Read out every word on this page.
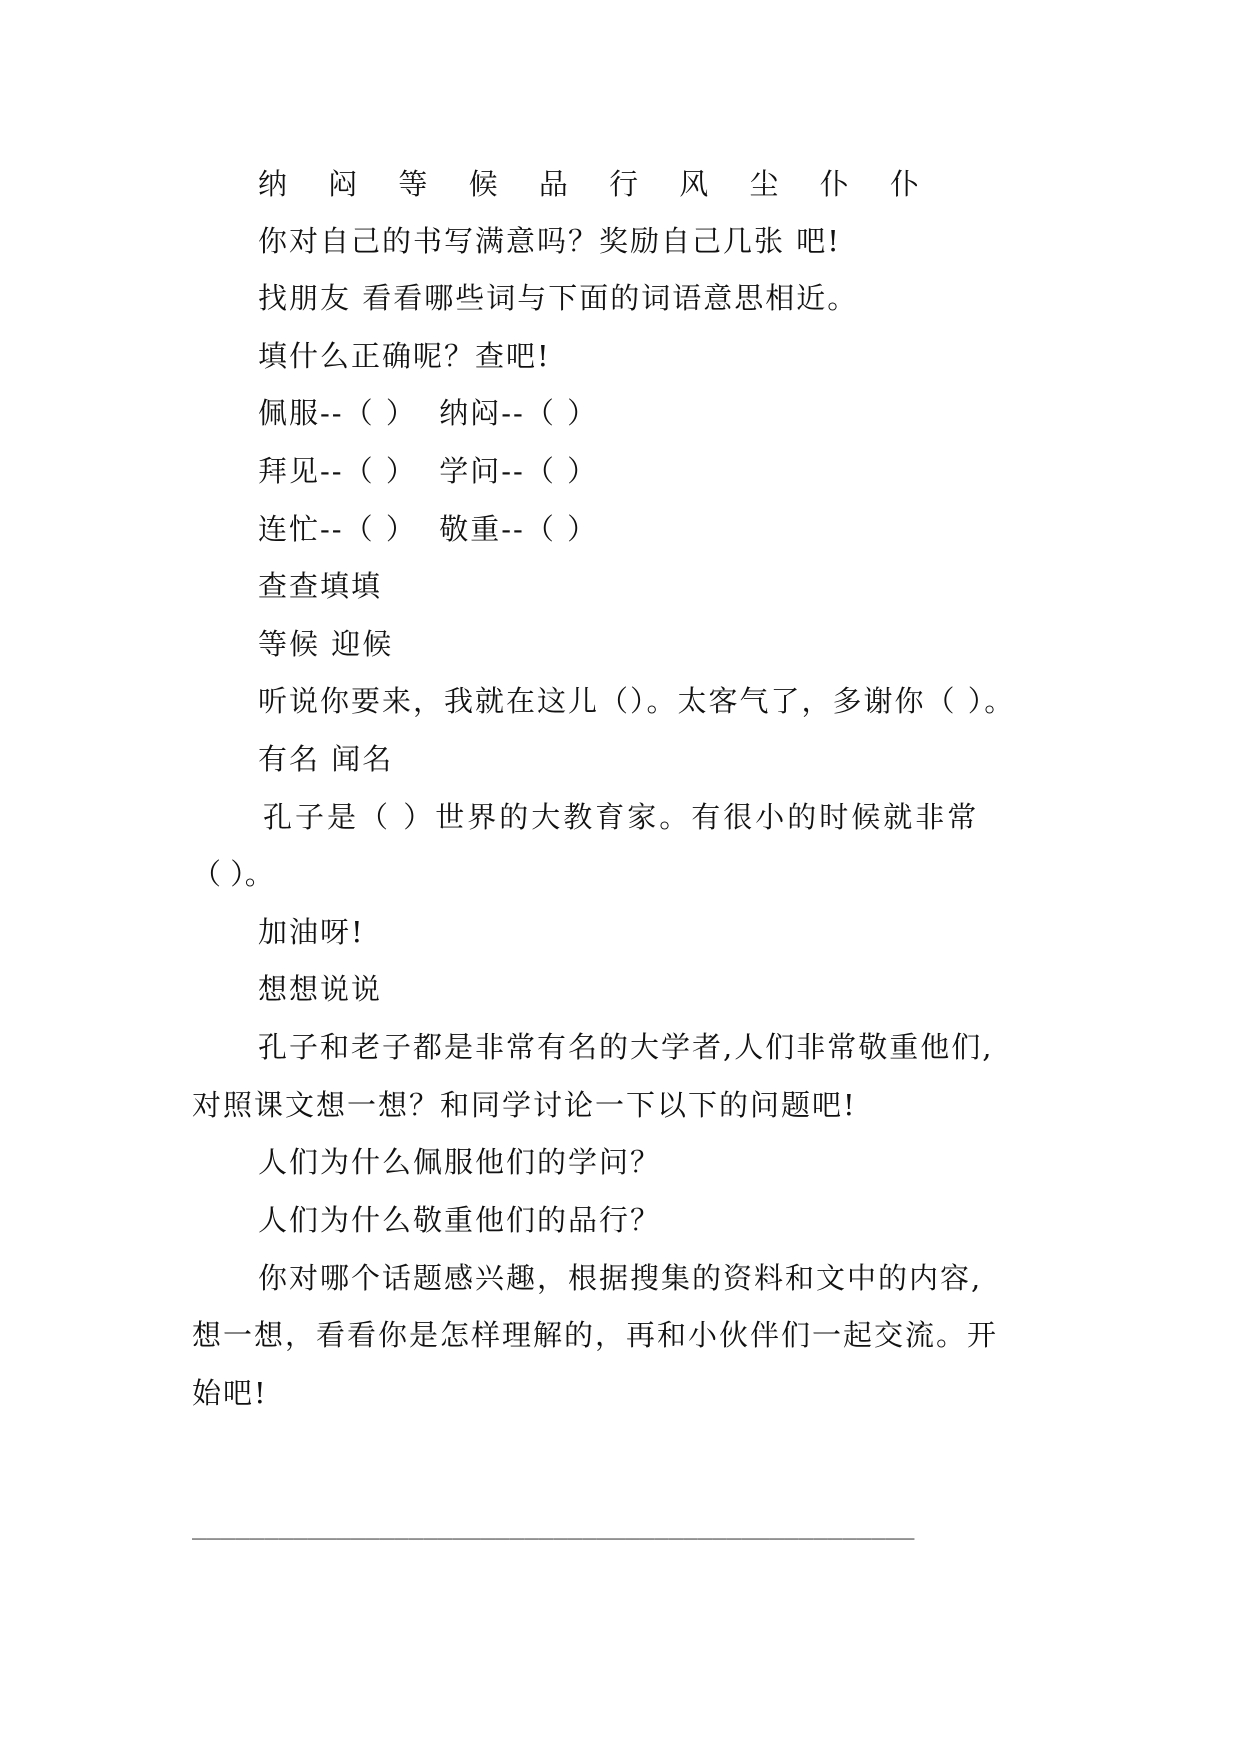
纳 闷 等 候 品 行 风 尘 仆 仆
你对自己的书写满意吗？奖励自己几张 吧!
找朋友 看看哪些词与下面的词语意思相近。
填什么正确呢？查吧!
佩服--（ ）  纳闷--（ ）
拜见--（ ）  学问--（ ）
连忙--（ ）  敬重--（ ）
查查填填
等候 迎候
听说你要来，我就在这儿（）。太客气了，多谢你（ ）。
有名 闻名
孔子是（ ）世界的大教育家。有很小的时候就非常
（ ）。
加油呀!
想想说说
孔子和老子都是非常有名的大学者,人们非常敬重他们,
对照课文想一想？和同学讨论一下以下的问题吧!
人们为什么佩服他们的学问？
人们为什么敬重他们的品行？
你对哪个话题感兴趣，根据搜集的资料和文中的内容,
想一想，看看你是怎样理解的，再和小伙伴们一起交流。开
始吧!
__________________________________________________
